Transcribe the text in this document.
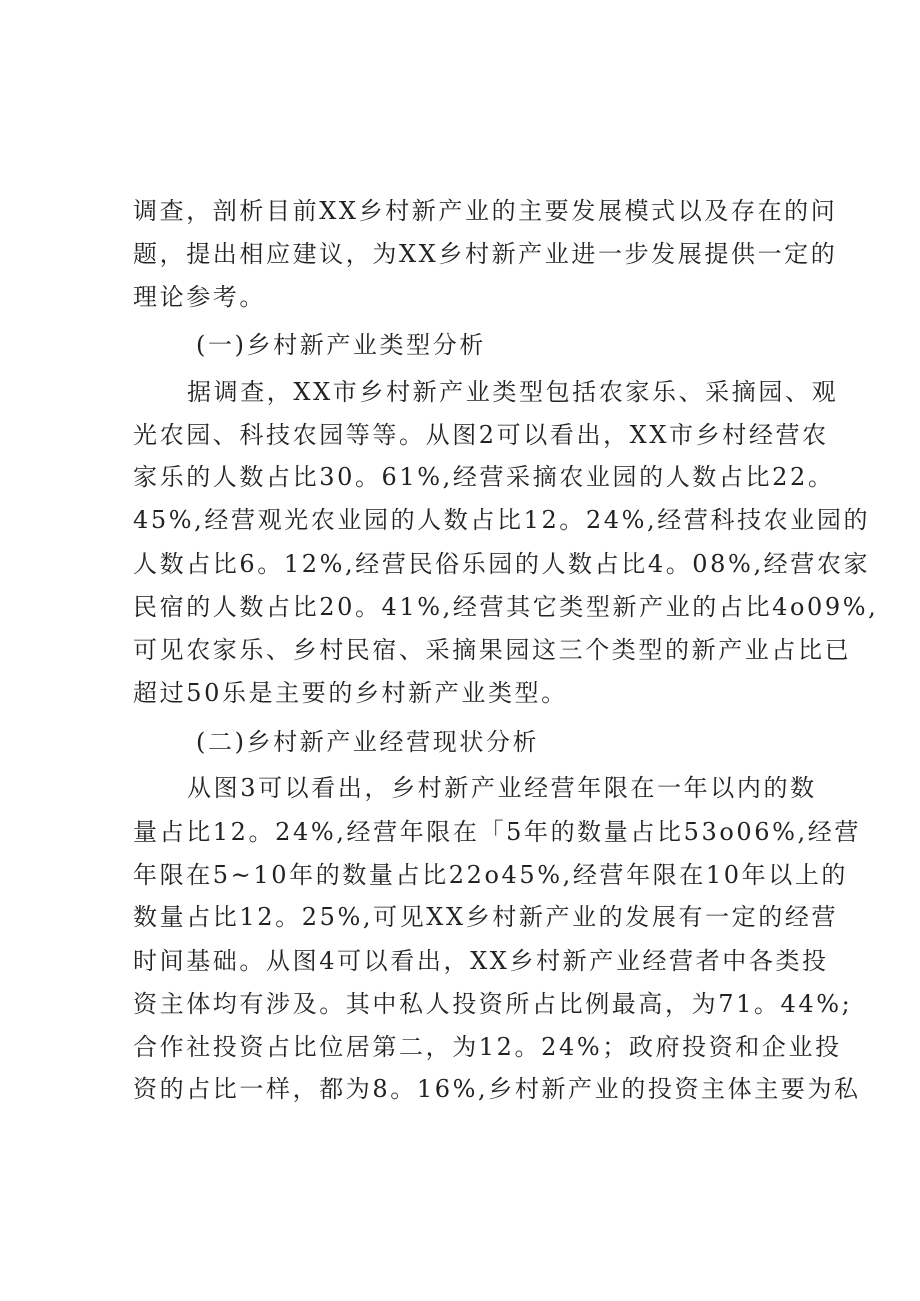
调查，剖析目前XX乡村新产业的主要发展模式以及存在的问
题，提出相应建议，为XX乡村新产业进一步发展提供一定的
理论参考。
(一)乡村新产业类型分析
据调查，XX市乡村新产业类型包括农家乐、采摘园、观
光农园、科技农园等等。从图2可以看出，XX市乡村经营农
家乐的人数占比30。61%,经营采摘农业园的人数占比22。
45%,经营观光农业园的人数占比12。24%,经营科技农业园的
人数占比6。12%,经营民俗乐园的人数占比4。08%,经营农家
民宿的人数占比20。41%,经营其它类型新产业的占比4o09%,
可见农家乐、乡村民宿、采摘果园这三个类型的新产业占比已
超过50乐是主要的乡村新产业类型。
(二)乡村新产业经营现状分析
从图3可以看出，乡村新产业经营年限在一年以内的数
量占比12。24%,经营年限在「5年的数量占比53o06%,经营
年限在5~10年的数量占比22o45%,经营年限在10年以上的
数量占比12。25%,可见XX乡村新产业的发展有一定的经营
时间基础。从图4可以看出，XX乡村新产业经营者中各类投
资主体均有涉及。其中私人投资所占比例最高，为71。44%;
合作社投资占比位居第二，为12。24%；政府投资和企业投
资的占比一样，都为8。16%,乡村新产业的投资主体主要为私
